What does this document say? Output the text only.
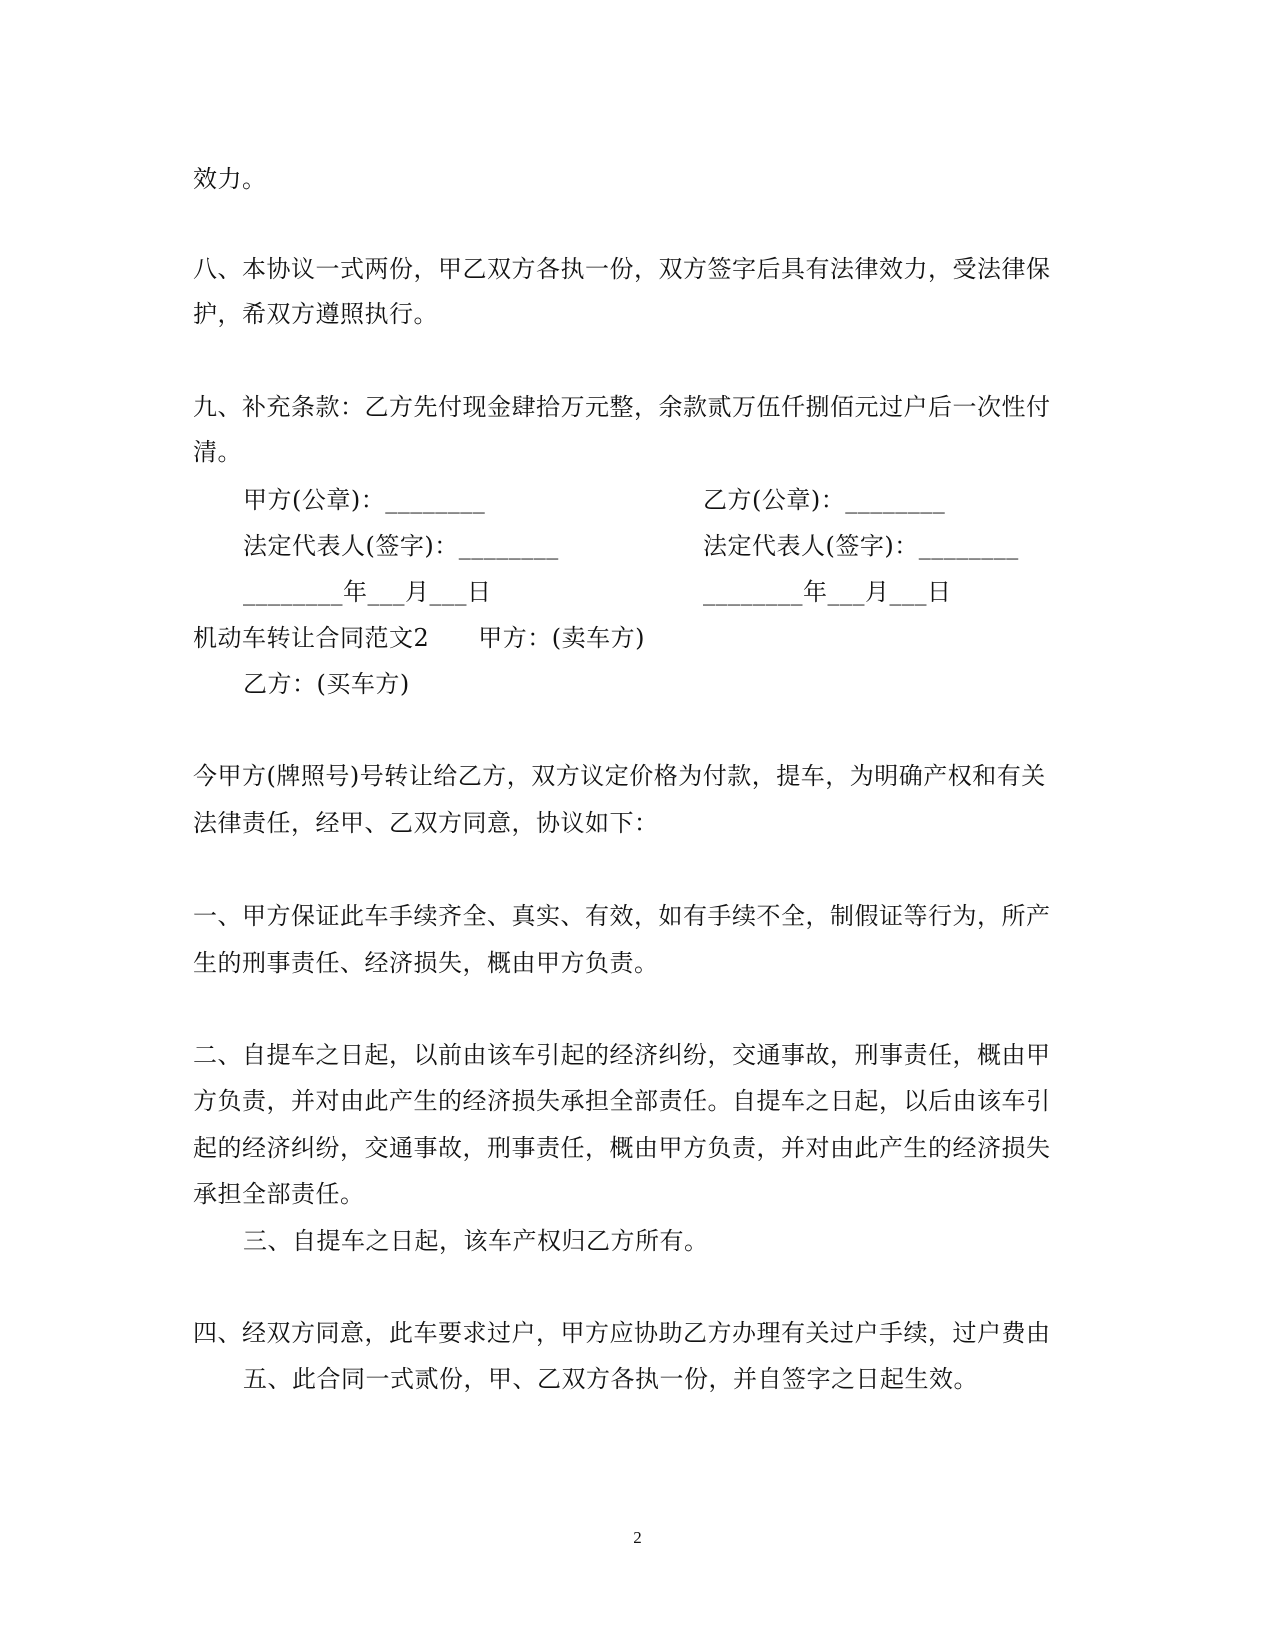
效力。
八、本协议一式两份，甲乙双方各执一份，双方签字后具有法律效力，受法律保
护，希双方遵照执行。
九、补充条款：乙方先付现金肆拾万元整，余款贰万伍仟捌佰元过户后一次性付
清。
甲方(公章)：________	乙方(公章)：________
法定代表人(签字)：________	法定代表人(签字)：________
________年___月___日	________年___月___日
机动车转让合同范文2　　甲方：(卖车方)
乙方：(买车方)
今甲方(牌照号)号转让给乙方，双方议定价格为付款，提车，为明确产权和有关
法律责任，经甲、乙双方同意，协议如下：
一、甲方保证此车手续齐全、真实、有效，如有手续不全，制假证等行为，所产
生的刑事责任、经济损失，概由甲方负责。
二、自提车之日起，以前由该车引起的经济纠纷，交通事故，刑事责任，概由甲
方负责，并对由此产生的经济损失承担全部责任。自提车之日起，以后由该车引
起的经济纠纷，交通事故，刑事责任，概由甲方负责，并对由此产生的经济损失
承担全部责任。
三、自提车之日起，该车产权归乙方所有。
四、经双方同意，此车要求过户，甲方应协助乙方办理有关过户手续，过户费由
五、此合同一式贰份，甲、乙双方各执一份，并自签字之日起生效。
2
